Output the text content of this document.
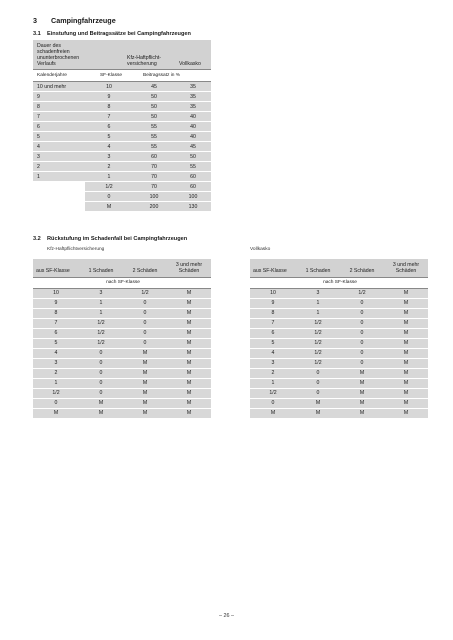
3 Campingfahrzeuge
3.1 Einstufung und Beitragssätze bei Campingfahrzeugen
Dauer des schadenfreien ununterbrochenen Verlaufs	Kfz-Haftpflicht-versicherung		Vollkasko
Kalenderjahre	SF-Klasse	Beitragssatz in %	
10 und mehr	10	45	35
9	9	50	35
8	8	50	35
7	7	50	40
6	6	55	40
5	5	55	40
4	4	55	45
3	3	60	50
2	2	70	55
1	1	70	60
	1/2	70	60
	0	100	100
	M	200	130
3.2 Rückstufung im Schadenfall bei Campingfahrzeugen
Kfz-Haftpflichtversicherung	Vollkasko
aus SF-Klasse	1 Schaden	2 Schäden	3 und mehr Schäden
	nach SF-Klasse		
10	3	1/2	M
9	1	0	M
8	1	0	M
7	1/2	0	M
6	1/2	0	M
5	1/2	0	M
4	0	M	M
3	0	M	M
2	0	M	M
1	0	M	M
1/2	0	M	M
0	M	M	M
M	M	M	M
aus SF-Klasse	1 Schaden	2 Schäden	3 und mehr Schäden
	nach SF-Klasse		
10	3	1/2	M
9	1	0	M
8	1	0	M
7	1/2	0	M
6	1/2	0	M
5	1/2	0	M
4	1/2	0	M
3	1/2	0	M
2	0	M	M
1	0	M	M
1/2	0	M	M
0	M	M	M
M	M	M	M
– 26 –
